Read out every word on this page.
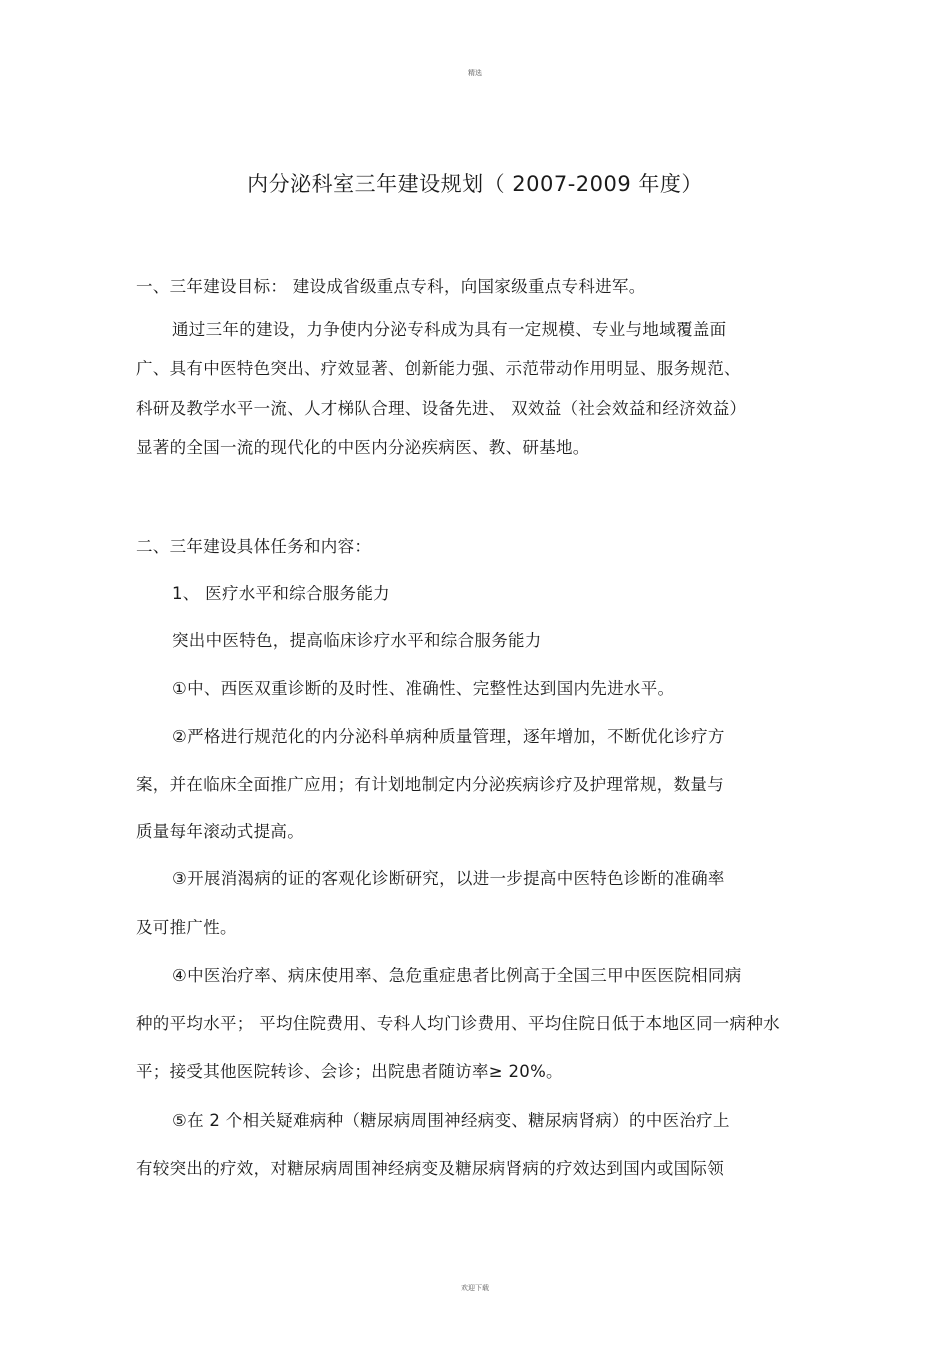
精选
内分泌科室三年建设规划（ 2007-2009 年度）
一、三年建设目标： 建设成省级重点专科，向国家级重点专科进军。
通过三年的建设，力争使内分泌专科成为具有一定规模、专业与地域覆盖面
广、具有中医特色突出、疗效显著、创新能力强、示范带动作用明显、服务规范、
科研及教学水平一流、人才梯队合理、设备先进、 双效益（社会效益和经济效益）
显著的全国一流的现代化的中医内分泌疾病医、教、研基地。
二、三年建设具体任务和内容：
1、 医疗水平和综合服务能力
突出中医特色，提高临床诊疗水平和综合服务能力
①中、西医双重诊断的及时性、准确性、完整性达到国内先进水平。
②严格进行规范化的内分泌科单病种质量管理，逐年增加，不断优化诊疗方
案，并在临床全面推广应用；有计划地制定内分泌疾病诊疗及护理常规，数量与
质量每年滚动式提高。
③开展消渴病的证的客观化诊断研究，以进一步提高中医特色诊断的准确率
及可推广性。
④中医治疗率、病床使用率、急危重症患者比例高于全国三甲中医医院相同病
种的平均水平； 平均住院费用、专科人均门诊费用、平均住院日低于本地区同一病种水
平；接受其他医院转诊、会诊；出院患者随访率≥ 20%。
⑤在 2 个相关疑难病种（糖尿病周围神经病变、糖尿病肾病）的中医治疗上
有较突出的疗效，对糖尿病周围神经病变及糖尿病肾病的疗效达到国内或国际领
欢迎下载
